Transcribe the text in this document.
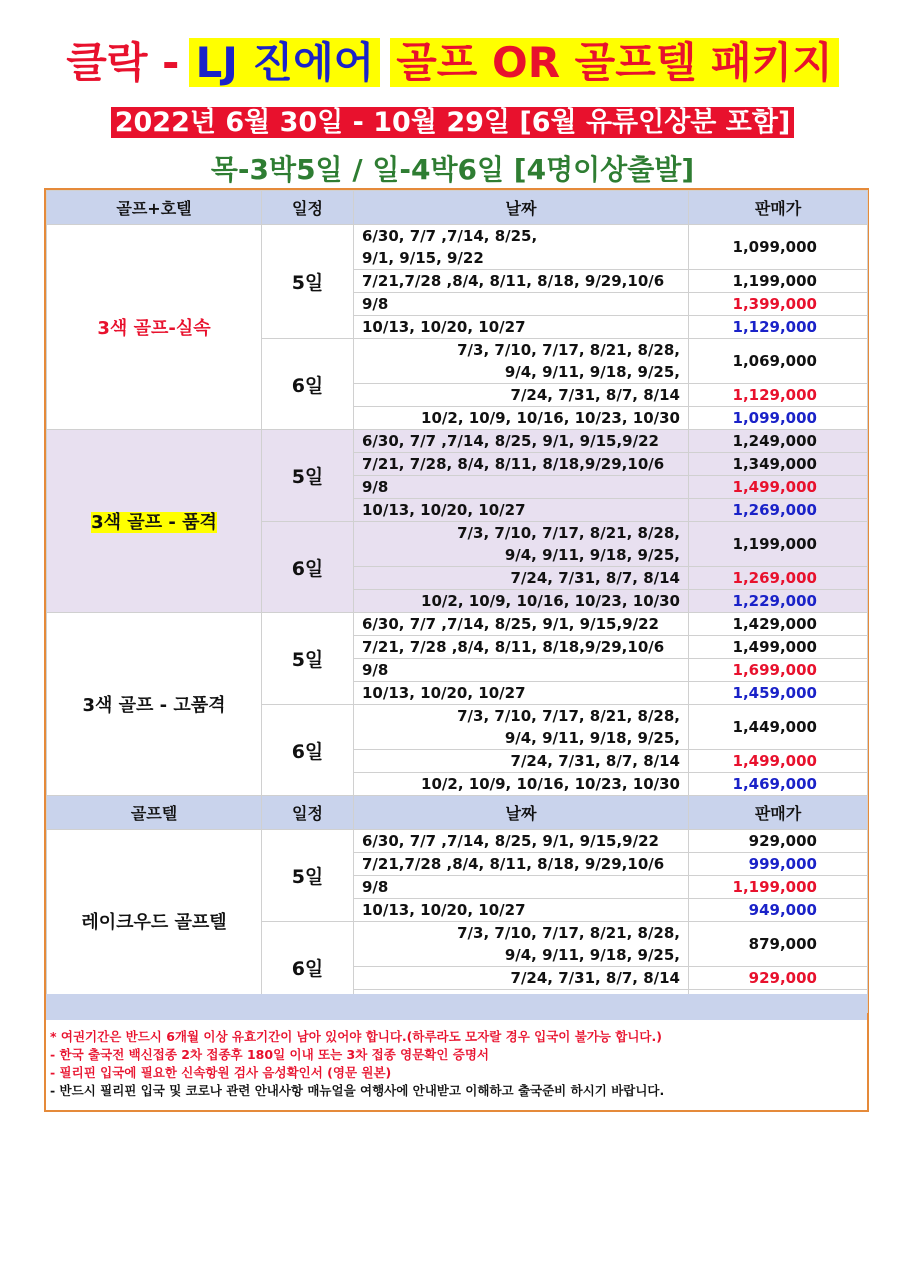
클락 - LJ 진에어 골프 OR 골프텔 패키지
2022년 6월 30일 - 10월 29일 [6월 유류인상분 포함]
목-3박5일 / 일-4박6일 [4명이상출발]
골프+호텔	일정	날짜	판매가
3색 골프-실속	5일	6/30, 7/7 ,7/14, 8/25,
9/1, 9/15, 9/22	1,099,000

		7/21,7/28 ,8/4, 8/11, 8/18, 9/29,10/6	1,199,000

		9/8	1,399,000

		10/13, 10/20, 10/27	1,129,000
	6일	7/3, 7/10, 7/17, 8/21, 8/28,
9/4, 9/11, 9/18, 9/25,	1,069,000

		7/24, 7/31, 8/7, 8/14	1,129,000

		10/2, 10/9, 10/16, 10/23, 10/30	1,099,000
3색 골프 - 품격	5일	6/30, 7/7 ,7/14, 8/25, 9/1, 9/15,9/22	1,249,000

		7/21, 7/28, 8/4, 8/11, 8/18,9/29,10/6	1,349,000

		9/8	1,499,000

		10/13, 10/20, 10/27	1,269,000
	6일	7/3, 7/10, 7/17, 8/21, 8/28,
9/4, 9/11, 9/18, 9/25,	1,199,000

		7/24, 7/31, 8/7, 8/14	1,269,000

		10/2, 10/9, 10/16, 10/23, 10/30	1,229,000
3색 골프 - 고품격	5일	6/30, 7/7 ,7/14, 8/25, 9/1, 9/15,9/22	1,429,000

		7/21, 7/28 ,8/4, 8/11, 8/18,9/29,10/6	1,499,000

		9/8	1,699,000

		10/13, 10/20, 10/27	1,459,000
	6일	7/3, 7/10, 7/17, 8/21, 8/28,
9/4, 9/11, 9/18, 9/25,	1,449,000

		7/24, 7/31, 8/7, 8/14	1,499,000

		10/2, 10/9, 10/16, 10/23, 10/30	1,469,000
골프텔	일정	날짜	판매가
레이크우드 골프텔	5일	6/30, 7/7 ,7/14, 8/25, 9/1, 9/15,9/22	929,000

		7/21,7/28 ,8/4, 8/11, 8/18, 9/29,10/6	999,000

		9/8	1,199,000

		10/13, 10/20, 10/27	949,000
	6일	7/3, 7/10, 7/17, 8/21, 8/28,
9/4, 9/11, 9/18, 9/25,	879,000

		7/24, 7/31, 8/7, 8/14	929,000

* 여권기간은 반드시 6개월 이상 유효기간이 남아 있어야 합니다.(하루라도 모자랄 경우 입국이 불가능 합니다.)
- 한국 출국전 백신접종 2차 접종후 180일 이내 또는 3차 접종 영문확인 증명서
- 필리핀 입국에 필요한 신속항원 검사 음성확인서 (영문 원본)
- 반드시 필리핀 입국 및 코로나 관련 안내사항 매뉴얼을 여행사에 안내받고 이해하고 출국준비 하시기 바랍니다.
